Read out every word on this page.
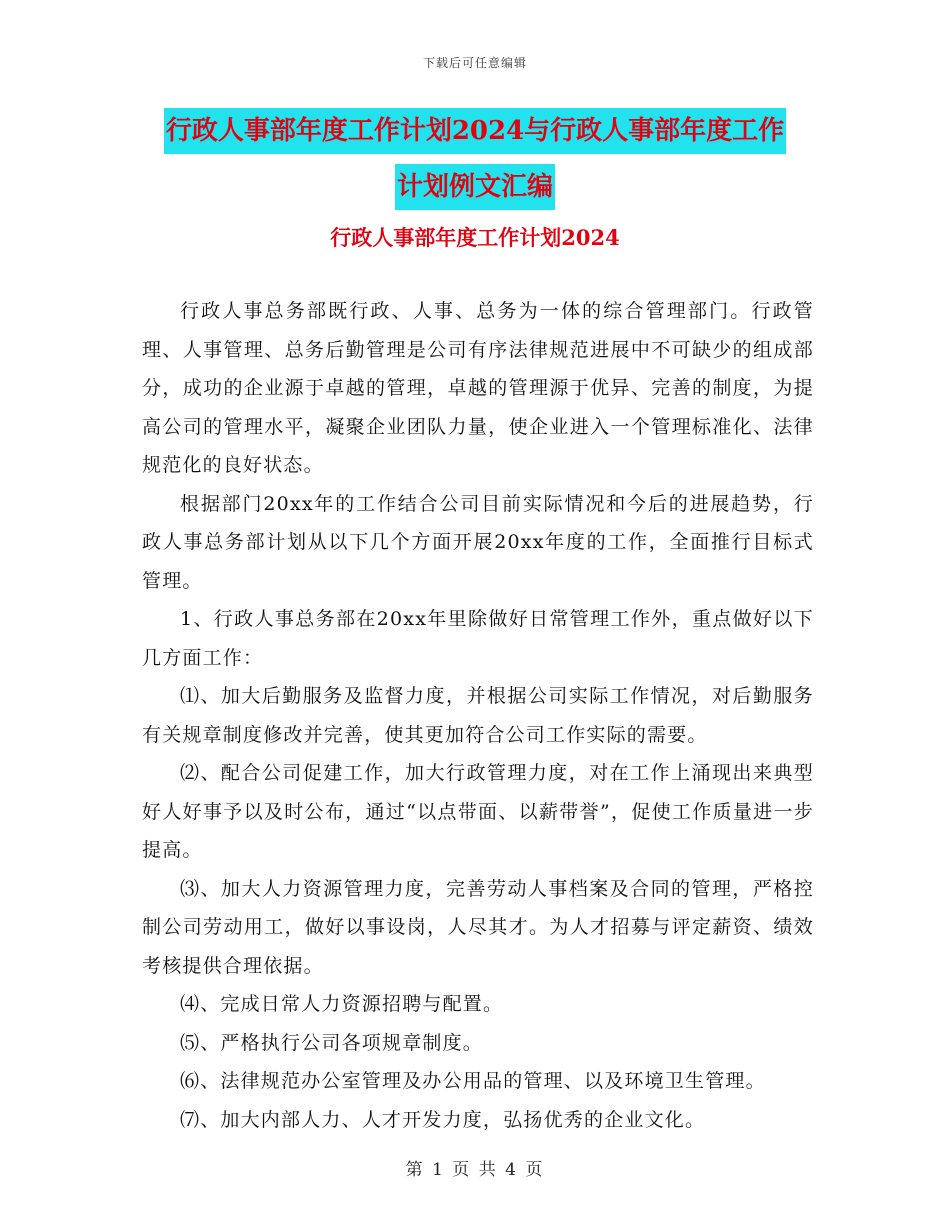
下载后可任意编辑
行政人事部年度工作计划2024与行政人事部年度工作
计划例文汇编
行政人事部年度工作计划2024

行政人事总务部既行政、人事、总务为一体的综合管理部门。行政管理、人事管理、总务后勤管理是公司有序法律规范进展中不可缺少的组成部分，成功的企业源于卓越的管理，卓越的管理源于优异、完善的制度，为提高公司的管理水平，凝聚企业团队力量，使企业进入一个管理标准化、法律规范化的良好状态。

根据部门20xx年的工作结合公司目前实际情况和今后的进展趋势，行政人事总务部计划从以下几个方面开展20xx年度的工作，全面推行目标式管理。

1、行政人事总务部在20xx年里除做好日常管理工作外，重点做好以下几方面工作：

⑴、加大后勤服务及监督力度，并根据公司实际工作情况，对后勤服务有关规章制度修改并完善，使其更加符合公司工作实际的需要。

⑵、配合公司促建工作，加大行政管理力度，对在工作上涌现出来典型好人好事予以及时公布，通过“以点带面、以薪带誉”，促使工作质量进一步提高。

⑶、加大人力资源管理力度，完善劳动人事档案及合同的管理，严格控制公司劳动用工，做好以事设岗，人尽其才。为人才招募与评定薪资、绩效考核提供合理依据。

⑷、完成日常人力资源招聘与配置。

⑸、严格执行公司各项规章制度。

⑹、法律规范办公室管理及办公用品的管理、以及环境卫生管理。

⑺、加大内部人力、人才开发力度，弘扬优秀的企业文化。

第 1 页 共 4 页
